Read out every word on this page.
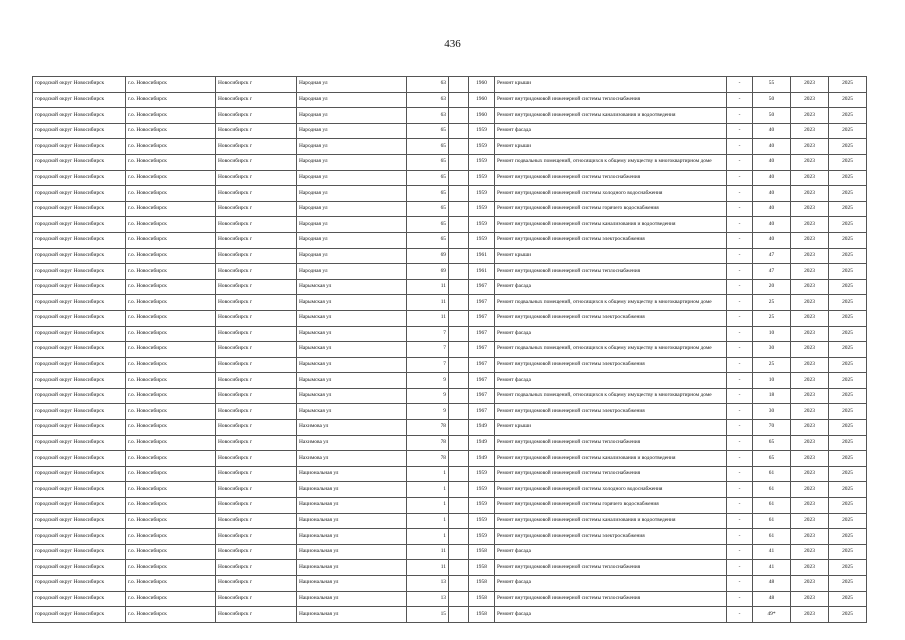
436
городской округ Новосибирск	г.о. Новосибирск	Новосибирск г	Народная ул	63		1960	Ремонт крыши	-	55	2023	2025
городской округ Новосибирск	г.о. Новосибирск	Новосибирск г	Народная ул	63		1960	Ремонт внутридомовой инженерной системы теплоснабжения	-	50	2023	2025
городской округ Новосибирск	г.о. Новосибирск	Новосибирск г	Народная ул	63		1960	Ремонт внутридомовой инженерной системы канализования и водоотведения	-	50	2023	2025
городской округ Новосибирск	г.о. Новосибирск	Новосибирск г	Народная ул	65		1959	Ремонт фасада	-	40	2023	2025
городской округ Новосибирск	г.о. Новосибирск	Новосибирск г	Народная ул	65		1959	Ремонт крыши	-	40	2023	2025
городской округ Новосибирск	г.о. Новосибирск	Новосибирск г	Народная ул	65		1959	Ремонт подвальных помещений, относящихся к общему имуществу в многоквартирном доме	-	40	2023	2025
городской округ Новосибирск	г.о. Новосибирск	Новосибирск г	Народная ул	65		1959	Ремонт внутридомовой инженерной системы теплоснабжения	-	40	2023	2025
городской округ Новосибирск	г.о. Новосибирск	Новосибирск г	Народная ул	65		1959	Ремонт внутридомовой инженерной системы холодного водоснабжения	-	40	2023	2025
городской округ Новосибирск	г.о. Новосибирск	Новосибирск г	Народная ул	65		1959	Ремонт внутридомовой инженерной системы горячего водоснабжения	-	40	2023	2025
городской округ Новосибирск	г.о. Новосибирск	Новосибирск г	Народная ул	65		1959	Ремонт внутридомовой инженерной системы канализования и водоотведения	-	40	2023	2025
городской округ Новосибирск	г.о. Новосибирск	Новосибирск г	Народная ул	65		1959	Ремонт внутридомовой инженерной системы электроснабжения	-	40	2023	2025
городской округ Новосибирск	г.о. Новосибирск	Новосибирск г	Народная ул	69		1961	Ремонт крыши	-	47	2023	2025
городской округ Новосибирск	г.о. Новосибирск	Новосибирск г	Народная ул	69		1961	Ремонт внутридомовой инженерной системы теплоснабжения	-	47	2023	2025
городской округ Новосибирск	г.о. Новосибирск	Новосибирск г	Нарымская ул	11		1967	Ремонт фасада	-	20	2023	2025
городской округ Новосибирск	г.о. Новосибирск	Новосибирск г	Нарымская ул	11		1967	Ремонт подвальных помещений, относящихся к общему имуществу в многоквартирном доме	-	25	2023	2025
городской округ Новосибирск	г.о. Новосибирск	Новосибирск г	Нарымская ул	11		1967	Ремонт внутридомовой инженерной системы электроснабжения	-	25	2023	2025
городской округ Новосибирск	г.о. Новосибирск	Новосибирск г	Нарымская ул	7		1967	Ремонт фасада	-	10	2023	2025
городской округ Новосибирск	г.о. Новосибирск	Новосибирск г	Нарымская ул	7		1967	Ремонт подвальных помещений, относящихся к общему имуществу в многоквартирном доме	-	30	2023	2025
городской округ Новосибирск	г.о. Новосибирск	Новосибирск г	Нарымская ул	7		1967	Ремонт внутридомовой инженерной системы электроснабжения	-	25	2023	2025
городской округ Новосибирск	г.о. Новосибирск	Новосибирск г	Нарымская ул	9		1967	Ремонт фасада	-	10	2023	2025
городской округ Новосибирск	г.о. Новосибирск	Новосибирск г	Нарымская ул	9		1967	Ремонт подвальных помещений, относящихся к общему имуществу в многоквартирном доме	-	18	2023	2025
городской округ Новосибирск	г.о. Новосибирск	Новосибирск г	Нарымская ул	9		1967	Ремонт внутридомовой инженерной системы электроснабжения	-	30	2023	2025
городской округ Новосибирск	г.о. Новосибирск	Новосибирск г	Нахимова ул	78		1949	Ремонт крыши	-	70	2023	2025
городской округ Новосибирск	г.о. Новосибирск	Новосибирск г	Нахимова ул	78		1949	Ремонт внутридомовой инженерной системы теплоснабжения	-	65	2023	2025
городской округ Новосибирск	г.о. Новосибирск	Новосибирск г	Нахимова ул	78		1949	Ремонт внутридомовой инженерной системы канализования и водоотведения	-	65	2023	2025
городской округ Новосибирск	г.о. Новосибирск	Новосибирск г	Национальная ул	1		1959	Ремонт внутридомовой инженерной системы теплоснабжения	-	61	2023	2025
городской округ Новосибирск	г.о. Новосибирск	Новосибирск г	Национальная ул	1		1959	Ремонт внутридомовой инженерной системы холодного водоснабжения	-	61	2023	2025
городской округ Новосибирск	г.о. Новосибирск	Новосибирск г	Национальная ул	1		1959	Ремонт внутридомовой инженерной системы горячего водоснабжения	-	61	2023	2025
городской округ Новосибирск	г.о. Новосибирск	Новосибирск г	Национальная ул	1		1959	Ремонт внутридомовой инженерной системы канализования и водоотведения	-	61	2023	2025
городской округ Новосибирск	г.о. Новосибирск	Новосибирск г	Национальная ул	1		1959	Ремонт внутридомовой инженерной системы электроснабжения	-	61	2023	2025
городской округ Новосибирск	г.о. Новосибирск	Новосибирск г	Национальная ул	11		1958	Ремонт фасада	-	41	2023	2025
городской округ Новосибирск	г.о. Новосибирск	Новосибирск г	Национальная ул	11		1958	Ремонт внутридомовой инженерной системы теплоснабжения	-	41	2023	2025
городской округ Новосибирск	г.о. Новосибирск	Новосибирск г	Национальная ул	13		1958	Ремонт фасада	-	48	2023	2025
городской округ Новосибирск	г.о. Новосибирск	Новосибирск г	Национальная ул	13		1958	Ремонт внутридомовой инженерной системы теплоснабжения	-	48	2023	2025
городской округ Новосибирск	г.о. Новосибирск	Новосибирск г	Национальная ул	15		1958	Ремонт фасада	-	49*	2023	2025
